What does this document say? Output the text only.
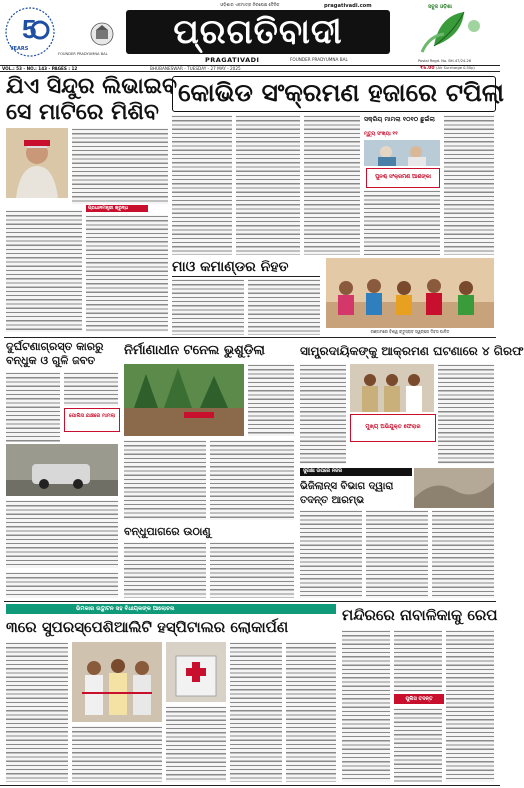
5
YEARS
FOUNDER PRADYUMNA BAL
ଓଡ଼ିଶାର ଏକମାତ୍ର ନିରପେକ୍ଷ ଦୈନିକ	pragativadi.com
ପ୍ରଗତିବାଦୀ
PRAGATIVADI	FOUNDER PRADYUMNA BAL
ସବୁଜ ଓଡ଼ିଶା
Postal Regd. No. BH-47/24-26
VOL.: 53 - NO.: 143 - PAGES : 12	BHUBANESWAR - TUESDAY - 27 MAY - 2025	₹6.00 (Air Surcharge 0.50p)
ଯିଏ ସିନ୍ଦୁର ଲିଭାଇବ
ସେ ମାଟିରେ ମିଶିବ
କୋଭିଡ ସଂକ୍ରମଣ ହଜାରେ ଟପିଲା
ପ୍ରଧାନମନ୍ତ୍ରୀ କ୍ରୁଦ୍ଧ
ସକ୍ରିୟ ମାମଲା ୧୦୧୦ ଛୁଇଁଲା
ମୃତ୍ୟୁ ସଂଖ୍ୟା ୧୧
ପୁନଶ୍ଚ ସଂକ୍ରମଣ ଆଶଙ୍କା
ମାଓ କମାଣ୍ଡର ନିହତ
ଗଞ୍ଜାମରେ ବିଶ୍ୱ ଋତୁସ୍ରାବ ସ୍ୱଚ୍ଛତା ଦିବସ ପାଳିତ
ଦୁର୍ଘଟଣାଗ୍ରସ୍ତ କାରରୁ
ବନ୍ଧୁକ ଓ ଗୁଳି ଜବତ
ପୋଲିସ ଯାଞ୍ଚରେ ମାମଲା
ନିର୍ମାଣାଧୀନ ଟନେଲ ଭୁଶୁଡ଼ିଲା	ସାମ୍ପ୍ରଦାୟିକଙ୍କୁ ଆକ୍ରମଣ ଘଟଣାରେ ୪ ଗିରଫ
ମୁଖ୍ୟ ଅଭିଯୁକ୍ତ ଫେରାର
ବନ୍ଧୁପାଗରେ ଉଠାଣୁ
ସୁରକ୍ଷା ଉପରେ ନଜର
ଭିଜିଲାନ୍ସ ବିଭାଗ ଦ୍ୱାରା
ତଦନ୍ତ ଆରମ୍ଭ
ଭିମକାର ଉଦ୍ଘାଟନ ସହ ବିଧାୟକଙ୍କ ଆଲୋଚନା
୩ରେ ସୁପରସ୍ପେଶିଆଲିଟି ହସ୍ପିଟାଲର ଲୋକାର୍ପଣ
ମନ୍ଦିରରେ ନାବାଳିକାକୁ ରେପ
ପୁଲିସ ତଦନ୍ତ
